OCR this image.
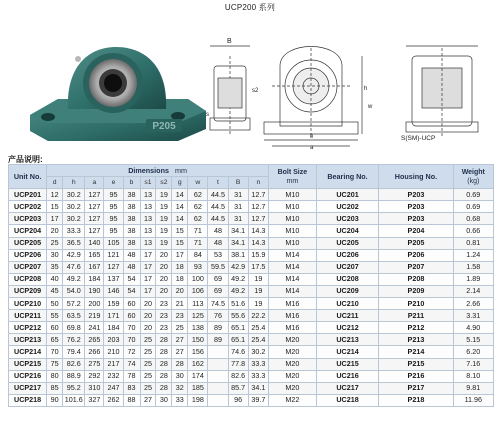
UCP200 系列
P205
B
s
s2
e
a
h
w
S(SM)-UCP
产品说明:
Unit No.	Dimensions mm												Bolt Size
mm	Bearing No.	Housing No.	Weight
(kg)
	d	h	a	e	b	s1	s2	g	w	t	B	n				
UCP201	12	30.2	127	95	38	13	19	14	62	44.5	31	12.7	M10	UC201	P203	0.69
UCP202	15	30.2	127	95	38	13	19	14	62	44.5	31	12.7	M10	UC202	P203	0.69
UCP203	17	30.2	127	95	38	13	19	14	62	44.5	31	12.7	M10	UC203	P203	0.68
UCP204	20	33.3	127	95	38	13	19	15	71	48	34.1	14.3	M10	UC204	P204	0.66
UCP205	25	36.5	140	105	38	13	19	15	71	48	34.1	14.3	M10	UC205	P205	0.81
UCP206	30	42.9	165	121	48	17	20	17	84	53	38.1	15.9	M14	UC206	P206	1.24
UCP207	35	47.6	167	127	48	17	20	18	93	59.5	42.9	17.5	M14	UC207	P207	1.58
UCP208	40	49.2	184	137	54	17	20	18	100	69	49.2	19	M14	UC208	P208	1.89
UCP209	45	54.0	190	146	54	17	20	20	106	69	49.2	19	M14	UC209	P209	2.14
UCP210	50	57.2	200	159	60	20	23	21	113	74.5	51.6	19	M16	UC210	P210	2.66
UCP211	55	63.5	219	171	60	20	23	23	125	76	55.6	22.2	M16	UC211	P211	3.31
UCP212	60	69.8	241	184	70	20	23	25	138	89	65.1	25.4	M16	UC212	P212	4.90
UCP213	65	76.2	265	203	70	25	28	27	150	89	65.1	25.4	M20	UC213	P213	5.15
UCP214	70	79.4	266	210	72	25	28	27	156		74.6	30.2	M20	UC214	P214	6.20
UCP215	75	82.6	275	217	74	25	28	28	162		77.8	33.3	M20	UC215	P215	7.16
UCP216	80	88.9	292	232	78	25	28	30	174		82.6	33.3	M20	UC216	P216	8.10
UCP217	85	95.2	310	247	83	25	28	32	185		85.7	34.1	M20	UC217	P217	9.81
UCP218	90	101.6	327	262	88	27	30	33	198		96	39.7	M22	UC218	P218	11.96
